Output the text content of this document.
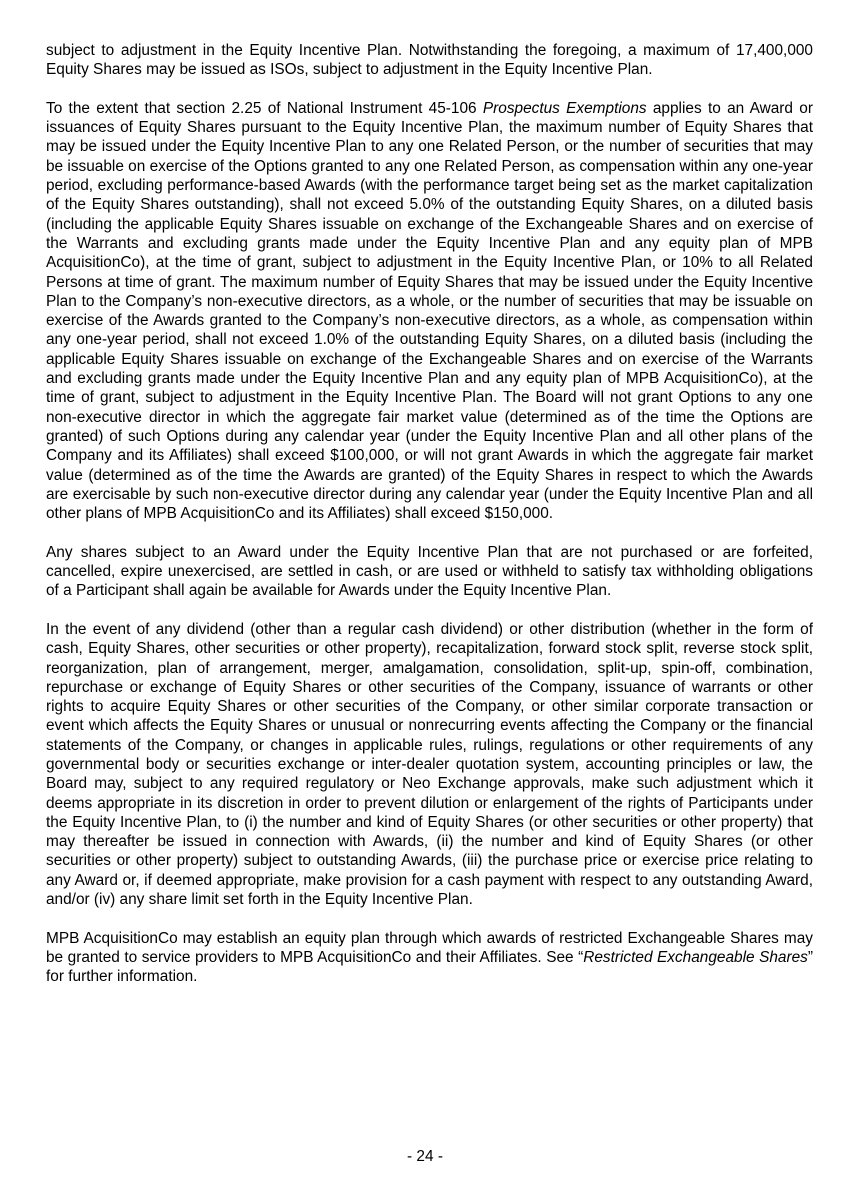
subject to adjustment in the Equity Incentive Plan. Notwithstanding the foregoing, a maximum of 17,400,000 Equity Shares may be issued as ISOs, subject to adjustment in the Equity Incentive Plan.

To the extent that section 2.25 of National Instrument 45-106 Prospectus Exemptions applies to an Award or issuances of Equity Shares pursuant to the Equity Incentive Plan, the maximum number of Equity Shares that may be issued under the Equity Incentive Plan to any one Related Person, or the number of securities that may be issuable on exercise of the Options granted to any one Related Person, as compensation within any one-year period, excluding performance-based Awards (with the performance target being set as the market capitalization of the Equity Shares outstanding), shall not exceed 5.0% of the outstanding Equity Shares, on a diluted basis (including the applicable Equity Shares issuable on exchange of the Exchangeable Shares and on exercise of the Warrants and excluding grants made under the Equity Incentive Plan and any equity plan of MPB AcquisitionCo), at the time of grant, subject to adjustment in the Equity Incentive Plan, or 10% to all Related Persons at time of grant. The maximum number of Equity Shares that may be issued under the Equity Incentive Plan to the Company’s non-executive directors, as a whole, or the number of securities that may be issuable on exercise of the Awards granted to the Company’s non-executive directors, as a whole, as compensation within any one-year period, shall not exceed 1.0% of the outstanding Equity Shares, on a diluted basis (including the applicable Equity Shares issuable on exchange of the Exchangeable Shares and on exercise of the Warrants and excluding grants made under the Equity Incentive Plan and any equity plan of MPB AcquisitionCo), at the time of grant, subject to adjustment in the Equity Incentive Plan. The Board will not grant Options to any one non-executive director in which the aggregate fair market value (determined as of the time the Options are granted) of such Options during any calendar year (under the Equity Incentive Plan and all other plans of the Company and its Affiliates) shall exceed $100,000, or will not grant Awards in which the aggregate fair market value (determined as of the time the Awards are granted) of the Equity Shares in respect to which the Awards are exercisable by such non-executive director during any calendar year (under the Equity Incentive Plan and all other plans of MPB AcquisitionCo and its Affiliates) shall exceed $150,000.

Any shares subject to an Award under the Equity Incentive Plan that are not purchased or are forfeited, cancelled, expire unexercised, are settled in cash, or are used or withheld to satisfy tax withholding obligations of a Participant shall again be available for Awards under the Equity Incentive Plan.

In the event of any dividend (other than a regular cash dividend) or other distribution (whether in the form of cash, Equity Shares, other securities or other property), recapitalization, forward stock split, reverse stock split, reorganization, plan of arrangement, merger, amalgamation, consolidation, split-up, spin-off, combination, repurchase or exchange of Equity Shares or other securities of the Company, issuance of warrants or other rights to acquire Equity Shares or other securities of the Company, or other similar corporate transaction or event which affects the Equity Shares or unusual or nonrecurring events affecting the Company or the financial statements of the Company, or changes in applicable rules, rulings, regulations or other requirements of any governmental body or securities exchange or inter-dealer quotation system, accounting principles or law, the Board may, subject to any required regulatory or Neo Exchange approvals, make such adjustment which it deems appropriate in its discretion in order to prevent dilution or enlargement of the rights of Participants under the Equity Incentive Plan, to (i) the number and kind of Equity Shares (or other securities or other property) that may thereafter be issued in connection with Awards, (ii) the number and kind of Equity Shares (or other securities or other property) subject to outstanding Awards, (iii) the purchase price or exercise price relating to any Award or, if deemed appropriate, make provision for a cash payment with respect to any outstanding Award, and/or (iv) any share limit set forth in the Equity Incentive Plan.

MPB AcquisitionCo may establish an equity plan through which awards of restricted Exchangeable Shares may be granted to service providers to MPB AcquisitionCo and their Affiliates. See “Restricted Exchangeable Shares” for further information.

- 24 -
